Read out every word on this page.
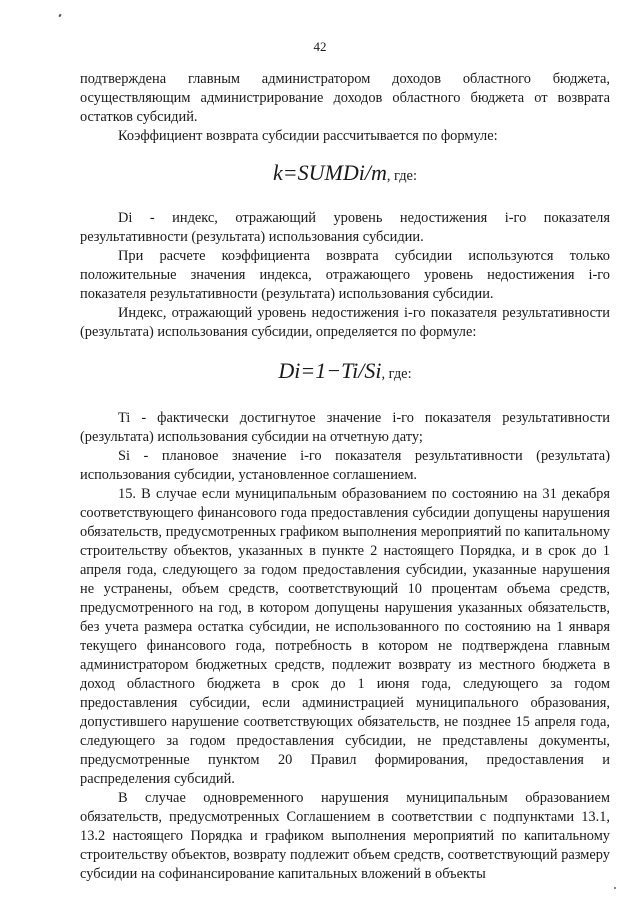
42

подтверждена главным администратором доходов областного бюджета, осуществляющим администрирование доходов областного бюджета от возврата остатков субсидий.

Коэффициент возврата субсидии рассчитывается по формуле:

k=SUMDi/m, где:

Di - индекс, отражающий уровень недостижения i-го показателя результативности (результата) использования субсидии.

При расчете коэффициента возврата субсидии используются только положительные значения индекса, отражающего уровень недостижения i-го показателя результативности (результата) использования субсидии.

Индекс, отражающий уровень недостижения i-го показателя результативности (результата) использования субсидии, определяется по формуле:

Di=1−Ti/Si, где:

Ti - фактически достигнутое значение i-го показателя результативности (результата) использования субсидии на отчетную дату;

Si - плановое значение i-го показателя результативности (результата) использования субсидии, установленное соглашением.

15. В случае если муниципальным образованием по состоянию на 31 декабря соответствующего финансового года предоставления субсидии допущены нарушения обязательств, предусмотренных графиком выполнения мероприятий по капитальному строительству объектов, указанных в пункте 2 настоящего Порядка, и в срок до 1 апреля года, следующего за годом предоставления субсидии, указанные нарушения не устранены, объем средств, соответствующий 10 процентам объема средств, предусмотренного на год, в котором допущены нарушения указанных обязательств, без учета размера остатка субсидии, не использованного по состоянию на 1 января текущего финансового года, потребность в котором не подтверждена главным администратором бюджетных средств, подлежит возврату из местного бюджета в доход областного бюджета в срок до 1 июня года, следующего за годом предоставления субсидии, если администрацией муниципального образования, допустившего нарушение соответствующих обязательств, не позднее 15 апреля года, следующего за годом предоставления субсидии, не представлены документы, предусмотренные пунктом 20 Правил формирования, предоставления и распределения субсидий.

В случае одновременного нарушения муниципальным образованием обязательств, предусмотренных Соглашением в соответствии с подпунктами 13.1, 13.2 настоящего Порядка и графиком выполнения мероприятий по капитальному строительству объектов, возврату подлежит объем средств, соответствующий размеру субсидии на софинансирование капитальных вложений в объекты
